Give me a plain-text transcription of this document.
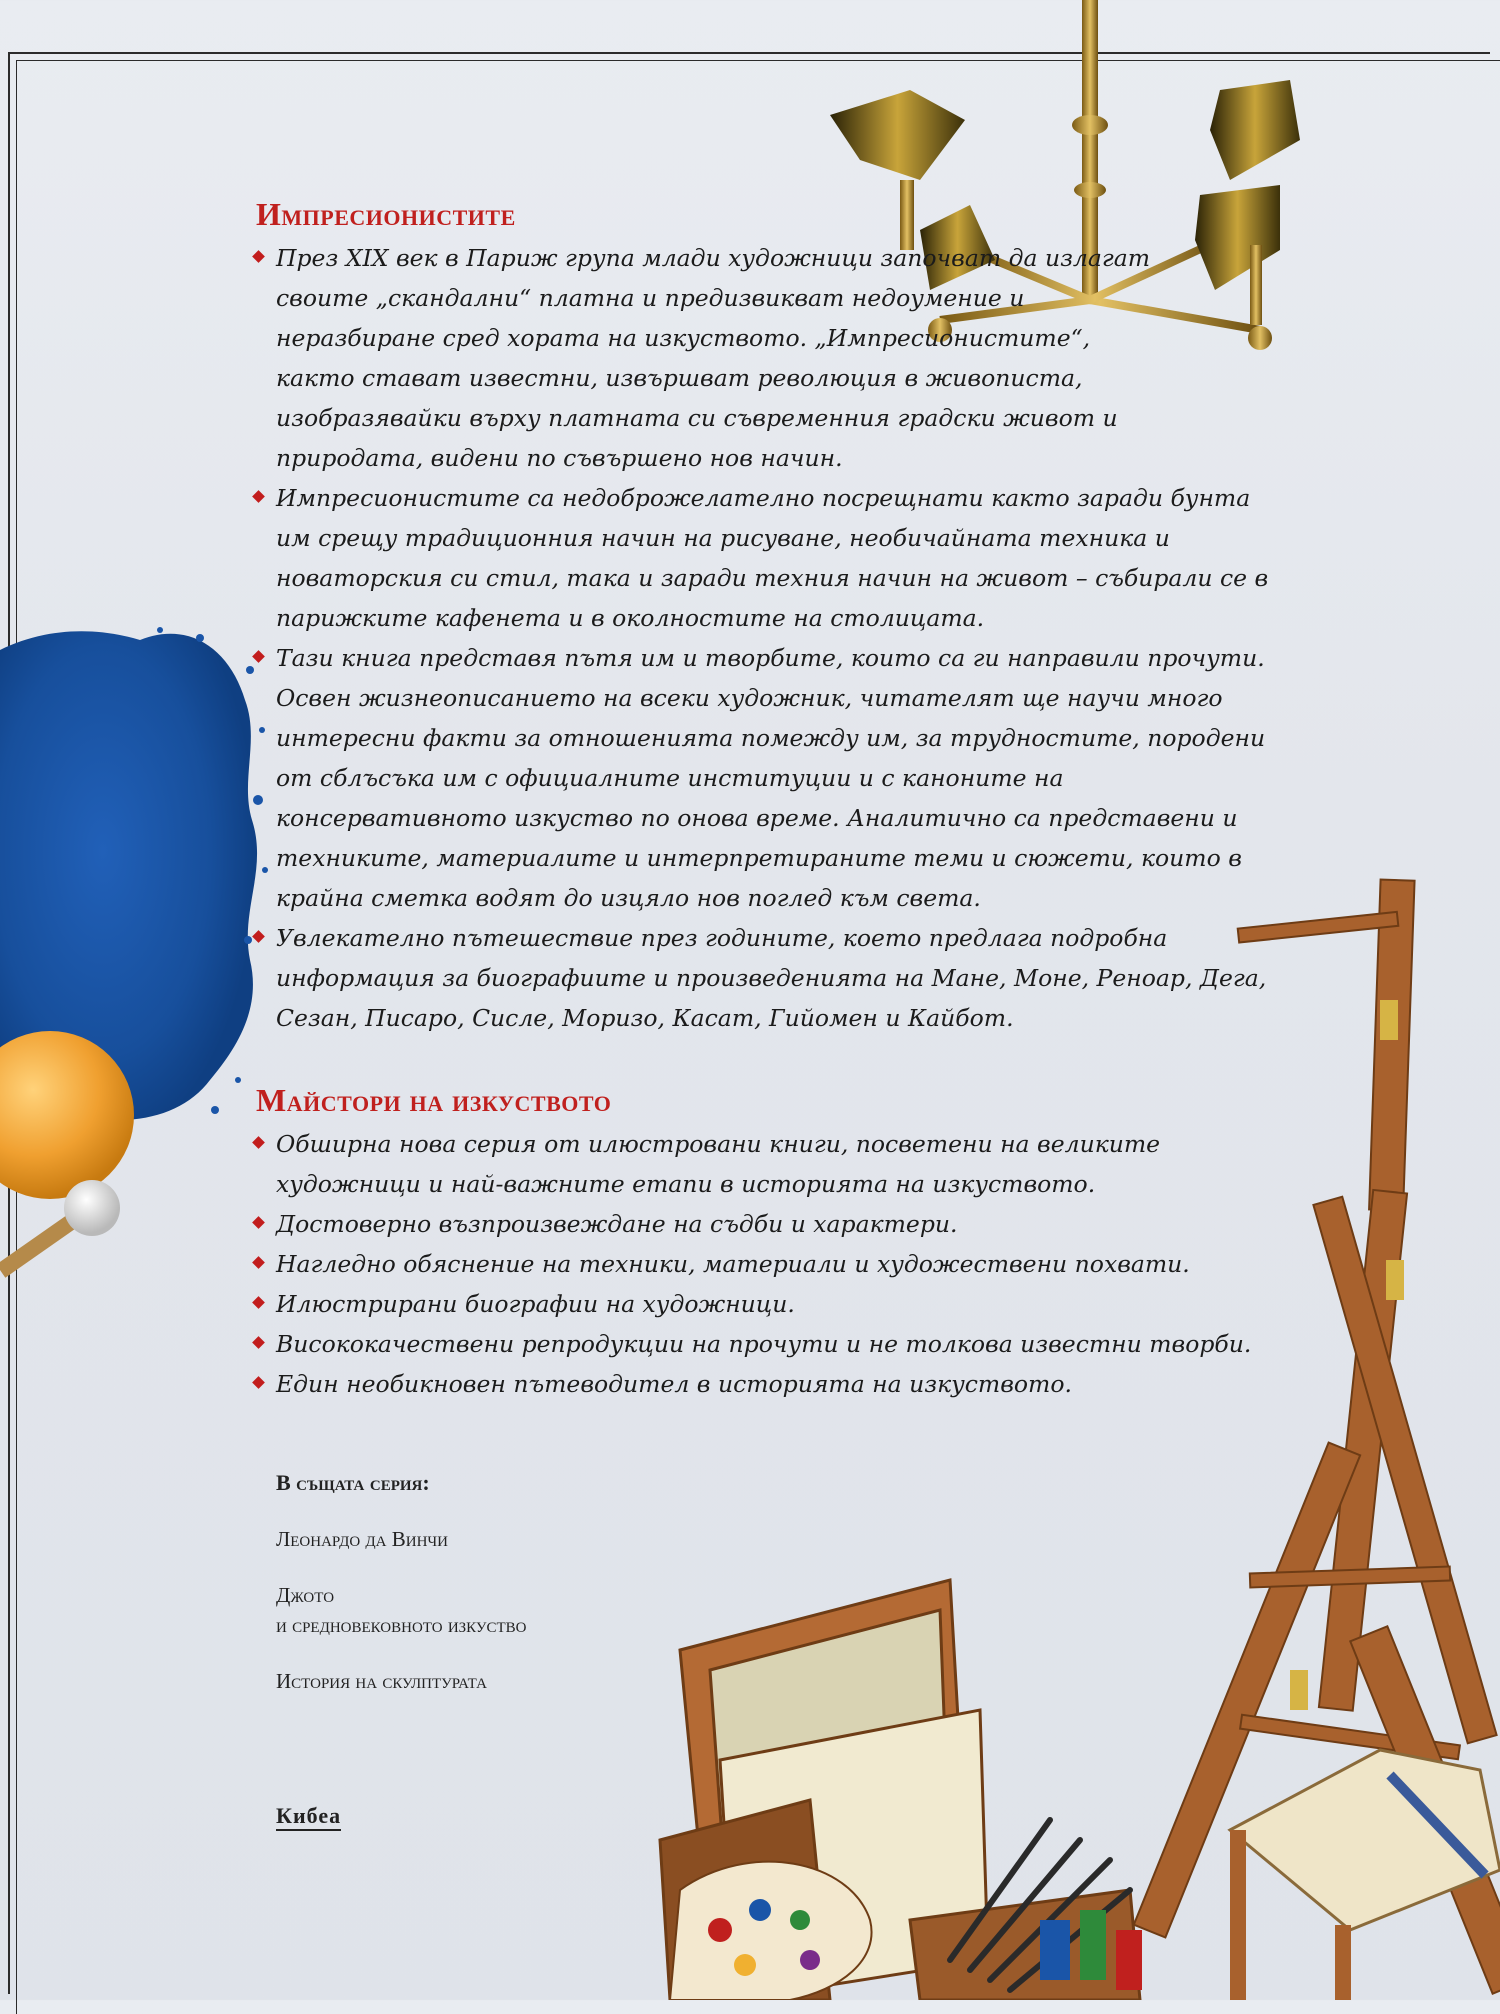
Импресионистите
През XIX век в Париж група млади художници започват да излагат своите „скандални“ платна и предизвикват недоумение и неразбиране сред хората на изкуството. „Импресионистите“, както стават известни, извършват революция в живописта, изобразявайки върху платната си съвременния градски живот и природата, видени по съвършено нов начин.
Импресионистите са недоброжелателно посрещнати както заради бунта им срещу традиционния начин на рисуване, необичайната техника и новаторския си стил, така и заради техния начин на живот – събирали се в парижките кафенета и в околностите на столицата.
Тази книга представя пътя им и творбите, които са ги направили прочути. Освен жизнеописанието на всеки художник, читателят ще научи много интересни факти за отношенията помежду им, за трудностите, породени от сблъсъка им с официалните институции и с каноните на консервативното изкуство по онова време. Аналитично са представени и техниките, материалите и интерпретираните теми и сюжети, които в крайна сметка водят до изцяло нов поглед към света.
Увлекателно пътешествие през годините, което предлага подробна информация за биографиите и произведенията на Мане, Моне, Реноар, Дега, Сезан, Писаро, Сисле, Моризо, Касат, Гийомен и Кайбот.
Майстори на изкуството
Обширна нова серия от илюстровани книги, посветени на великите художници и най-важните етапи в историята на изкуството.
Достоверно възпроизвеждане на съдби и характери.
Нагледно обяснение на техники, материали и художествени похвати.
Илюстрирани биографии на художници.
Висококачествени репродукции на прочути и не толкова известни творби.
Един необикновен пътеводител в историята на изкуството.
В същата серия:
Леонардо да Винчи
Джото
и средновековното изкуство
История на скулптурата
Кибеа
